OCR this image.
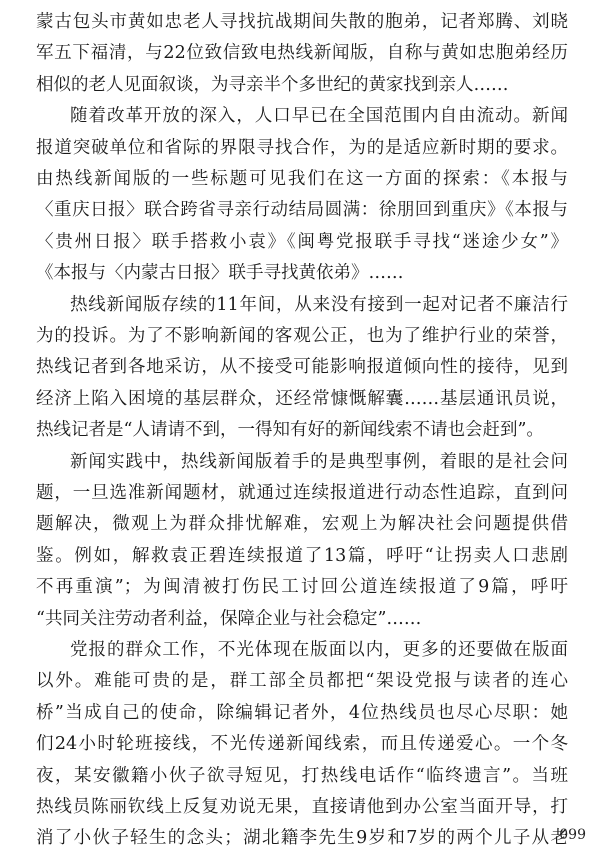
蒙古包头市黄如忠老人寻找抗战期间失散的胞弟，记者郑腾、刘晓
军五下福清，与22位致信致电热线新闻版，自称与黄如忠胞弟经历
相似的老人见面叙谈，为寻亲半个多世纪的黄家找到亲人……
随着改革开放的深入，人口早已在全国范围内自由流动。新闻
报道突破单位和省际的界限寻找合作，为的是适应新时期的要求。
由热线新闻版的一些标题可见我们在这一方面的探索：《本报与
〈重庆日报〉联合跨省寻亲行动结局圆满：徐朋回到重庆》《本报与
〈贵州日报〉联手搭救小袁》《闽粤党报联手寻找“迷途少女”》
《本报与〈内蒙古日报〉联手寻找黄依弟》……
热线新闻版存续的11年间，从来没有接到一起对记者不廉洁行
为的投诉。为了不影响新闻的客观公正，也为了维护行业的荣誉，
热线记者到各地采访，从不接受可能影响报道倾向性的接待，见到
经济上陷入困境的基层群众，还经常慷慨解囊……基层通讯员说，
热线记者是“人请请不到，一得知有好的新闻线索不请也会赶到”。
新闻实践中，热线新闻版着手的是典型事例，着眼的是社会问
题，一旦选准新闻题材，就通过连续报道进行动态性追踪，直到问
题解决，微观上为群众排忧解难，宏观上为解决社会问题提供借
鉴。例如，解救袁正碧连续报道了13篇，呼吁“让拐卖人口悲剧
不再重演”；为闽清被打伤民工讨回公道连续报道了9篇，呼吁
“共同关注劳动者利益，保障企业与社会稳定”……
党报的群众工作，不光体现在版面以内，更多的还要做在版面
以外。难能可贵的是，群工部全员都把“架设党报与读者的连心
桥”当成自己的使命，除编辑记者外，4位热线员也尽心尽职：她
们24小时轮班接线，不光传递新闻线索，而且传递爱心。一个冬
夜，某安徽籍小伙子欲寻短见，打热线电话作“临终遗言”。当班
热线员陈丽钦线上反复劝说无果，直接请他到办公室当面开导，打
消了小伙子轻生的念头；湖北籍李先生9岁和7岁的两个儿子从老
099
